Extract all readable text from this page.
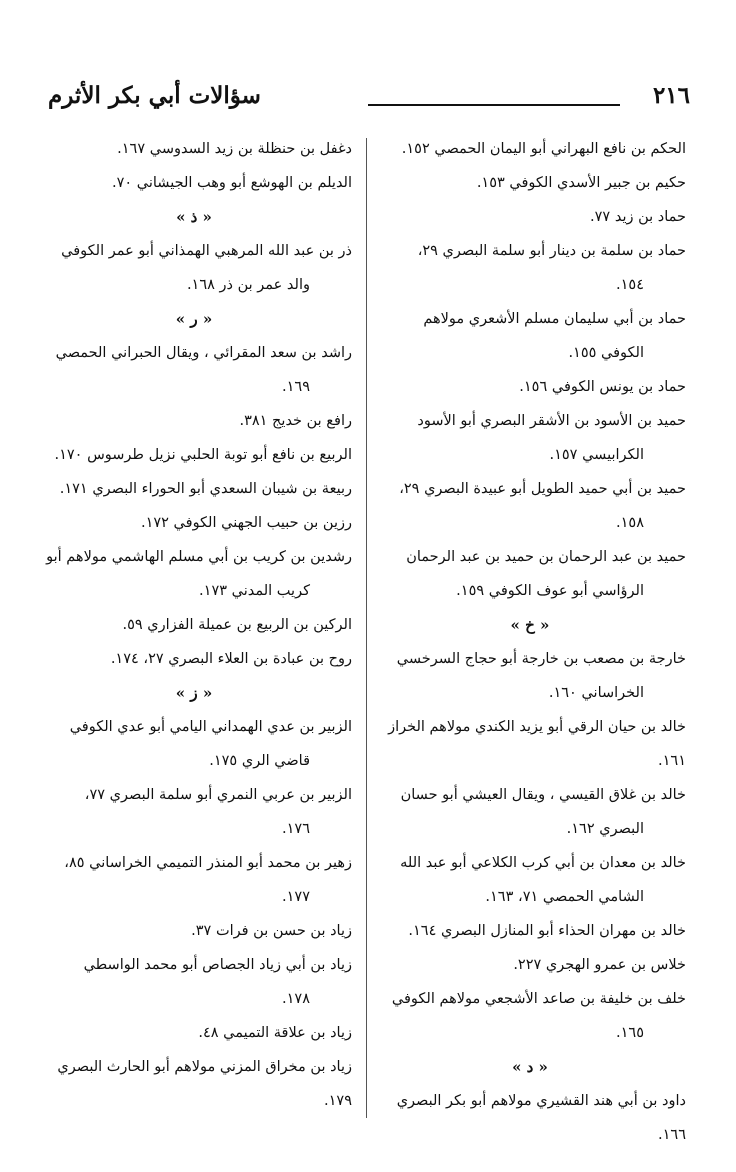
٢١٦
سؤالات أبي بكر الأثرم
الحكم بن نافع البهراني أبو اليمان الحمصي ١٥٢.
حكيم بن جبير الأسدي الكوفي ١٥٣.
حماد بن زيد ٧٧.
حماد بن سلمة بن دينار أبو سلمة البصري ٢٩،
١٥٤.
حماد بن أبي سليمان مسلم الأشعري مولاهم
الكوفي ١٥٥.
حماد بن يونس الكوفي ١٥٦.
حميد بن الأسود بن الأشقر البصري أبو الأسود
الكرابيسي ١٥٧.
حميد بن أبي حميد الطويل أبو عبيدة البصري ٢٩،
١٥٨.
حميد بن عبد الرحمان بن حميد بن عبد الرحمان
الرؤاسي أبو عوف الكوفي ١٥٩.
« خ »
خارجة بن مصعب بن خارجة أبو حجاج السرخسي
الخراساني ١٦٠.
خالد بن حيان الرقي أبو يزيد الكندي مولاهم الخراز ١٦١.
خالد بن غلاق القيسي ، ويقال العيشي أبو حسان
البصري ١٦٢.
خالد بن معدان بن أبي كرب الكلاعي أبو عبد الله
الشامي الحمصي ٧١، ١٦٣.
خالد بن مهران الحذاء أبو المنازل البصري ١٦٤.
خلاس بن عمرو الهجري ٢٢٧.
خلف بن خليفة بن صاعد الأشجعي مولاهم الكوفي
١٦٥.
« د »
داود بن أبي هند القشيري مولاهم أبو بكر البصري ١٦٦.
دغفل بن حنظلة بن زيد السدوسي ١٦٧.
الديلم بن الهوشع أبو وهب الجيشاني ٧٠.
« ذ »
ذر بن عبد الله المرهبي الهمذاني أبو عمر الكوفي
والد عمر بن ذر ١٦٨.
« ر »
راشد بن سعد المقرائي ، ويقال الحبراني الحمصي
١٦٩.
رافع بن خديج ٣٨١.
الربيع بن نافع أبو توبة الحلبي نزيل طرسوس ١٧٠.
ربيعة بن شيبان السعدي أبو الحوراء البصري ١٧١.
رزين بن حبيب الجهني الكوفي ١٧٢.
رشدين بن كريب بن أبي مسلم الهاشمي مولاهم أبو
كريب المدني ١٧٣.
الركين بن الربيع بن عميلة الفزاري ٥٩.
روح بن عبادة بن العلاء البصري ٢٧، ١٧٤.
« ز »
الزبير بن عدي الهمداني اليامي أبو عدي الكوفي
قاضي الري ١٧٥.
الزبير بن عربي النمري أبو سلمة البصري ٧٧،
١٧٦.
زهير بن محمد أبو المنذر التميمي الخراساني ٨٥،
١٧٧.
زياد بن حسن بن فرات ٣٧.
زياد بن أبي زياد الجصاص أبو محمد الواسطي
١٧٨.
زياد بن علاقة التميمي ٤٨.
زياد بن مخراق المزني مولاهم أبو الحارث البصري ١٧٩.
